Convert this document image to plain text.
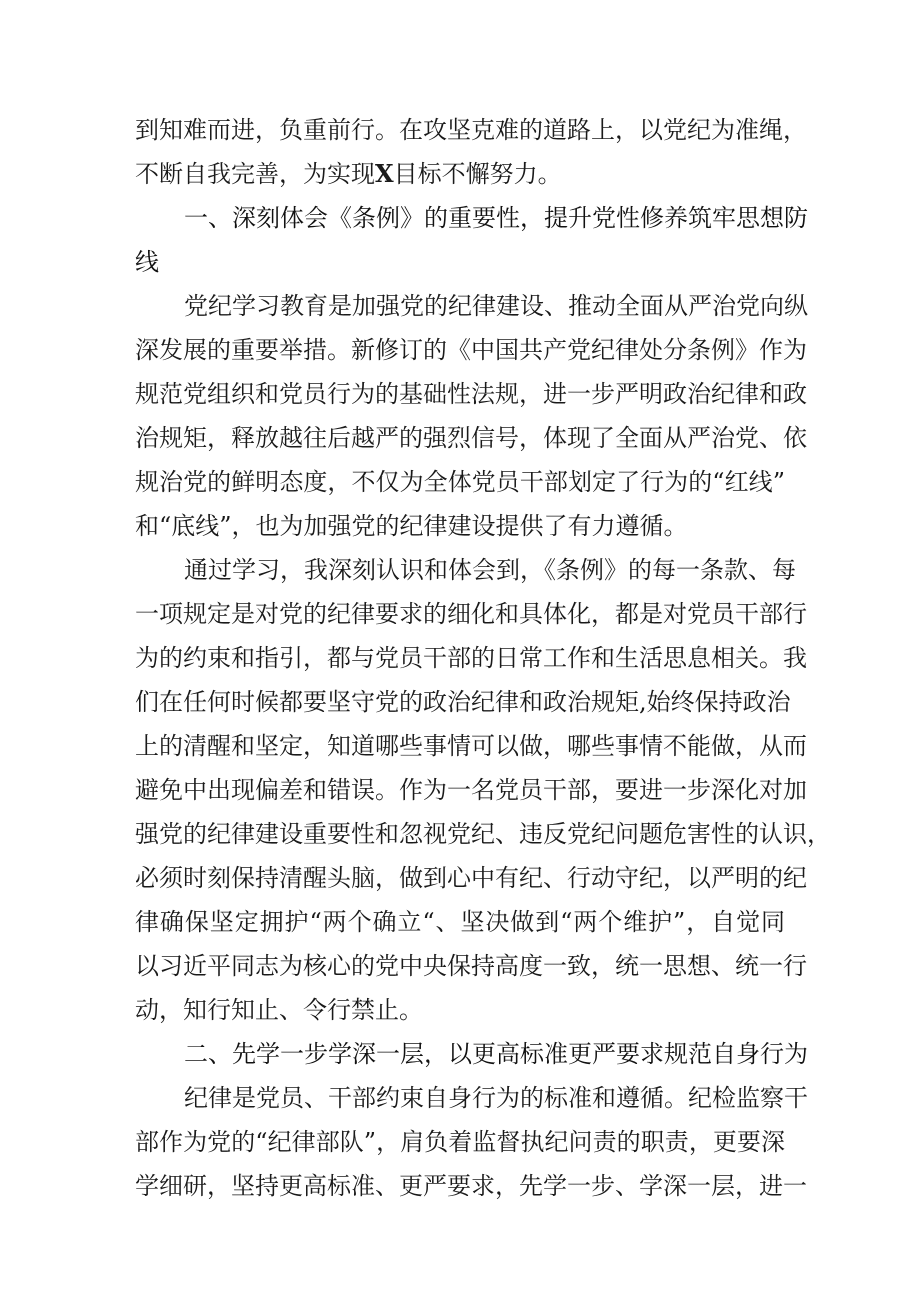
到知难而进，负重前行。在攻坚克难的道路上，以党纪为准绳，
不断自我完善，为实现X目标不懈努力。
一、深刻体会《条例》的重要性，提升党性修养筑牢思想防
线
党纪学习教育是加强党的纪律建设、推动全面从严治党向纵
深发展的重要举措。新修订的《中国共产党纪律处分条例》作为
规范党组织和党员行为的基础性法规，进一步严明政治纪律和政
治规矩，释放越往后越严的强烈信号，体现了全面从严治党、依
规治党的鲜明态度，不仅为全体党员干部划定了行为的“红线”
和“底线”，也为加强党的纪律建设提供了有力遵循。
通过学习，我深刻认识和体会到，《条例》的每一条款、每
一项规定是对党的纪律要求的细化和具体化，都是对党员干部行
为的约束和指引，都与党员干部的日常工作和生活思息相关。我
们在任何时候都要坚守党的政治纪律和政治规矩,始终保持政治
上的清醒和坚定，知道哪些事情可以做，哪些事情不能做，从而
避免中出现偏差和错误。作为一名党员干部，要进一步深化对加
强党的纪律建设重要性和忽视党纪、违反党纪问题危害性的认识，
必须时刻保持清醒头脑，做到心中有纪、行动守纪，以严明的纪
律确保坚定拥护“两个确立“、坚决做到“两个维护”，自觉同
以习近平同志为核心的党中央保持高度一致，统一思想、统一行
动，知行知止、令行禁止。
二、先学一步学深一层，以更高标准更严要求规范自身行为
纪律是党员、干部约束自身行为的标准和遵循。纪检监察干
部作为党的“纪律部队”，肩负着监督执纪问责的职责，更要深
学细研，坚持更高标准、更严要求，先学一步、学深一层，进一
